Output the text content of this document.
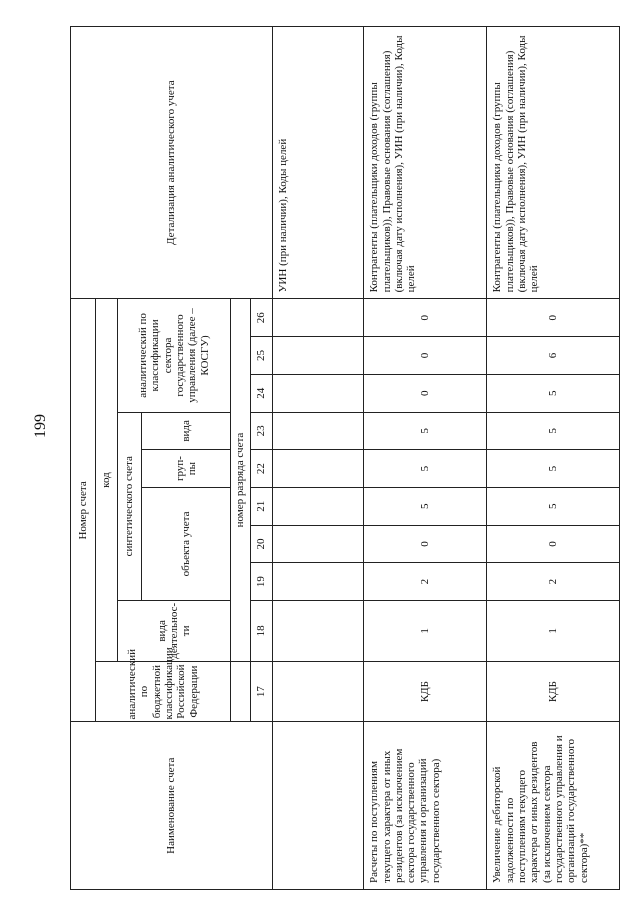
199
Наименование счета	Номер счета										Детализация аналитического учета
	аналитический по бюджетной классификации Российской Федерации	код									
		вида деятельнос-ти	синтетического счета					аналитический по классификации сектора государственного управления (далее – КОСГУ)			
			объекта учета			груп-пы	вида				
		номер разряда счета									
	17	18	19	20	21	22	23	24	25	26	
											УИН (при наличии), Коды целей
Расчеты по поступлениям текущего характера от иных резидентов (за исключением сектора государственного управления и организаций государственного сектора)	КДБ	1	2	0	5	5	5	0	0	0	Контрагенты (плательщики доходов (группы плательщиков)), Правовые основания (соглашения) (включая дату исполнения), УИН (при наличии), Коды целей
Увеличение дебиторской задолженности по поступлениям текущего характера от иных резидентов (за исключением сектора государственного управления и организаций государственного сектора)**	КДБ	1	2	0	5	5	5	5	6	0	Контрагенты (плательщики доходов (группы плательщиков)), Правовые основания (соглашения) (включая дату исполнения), УИН (при наличии), Коды целей
